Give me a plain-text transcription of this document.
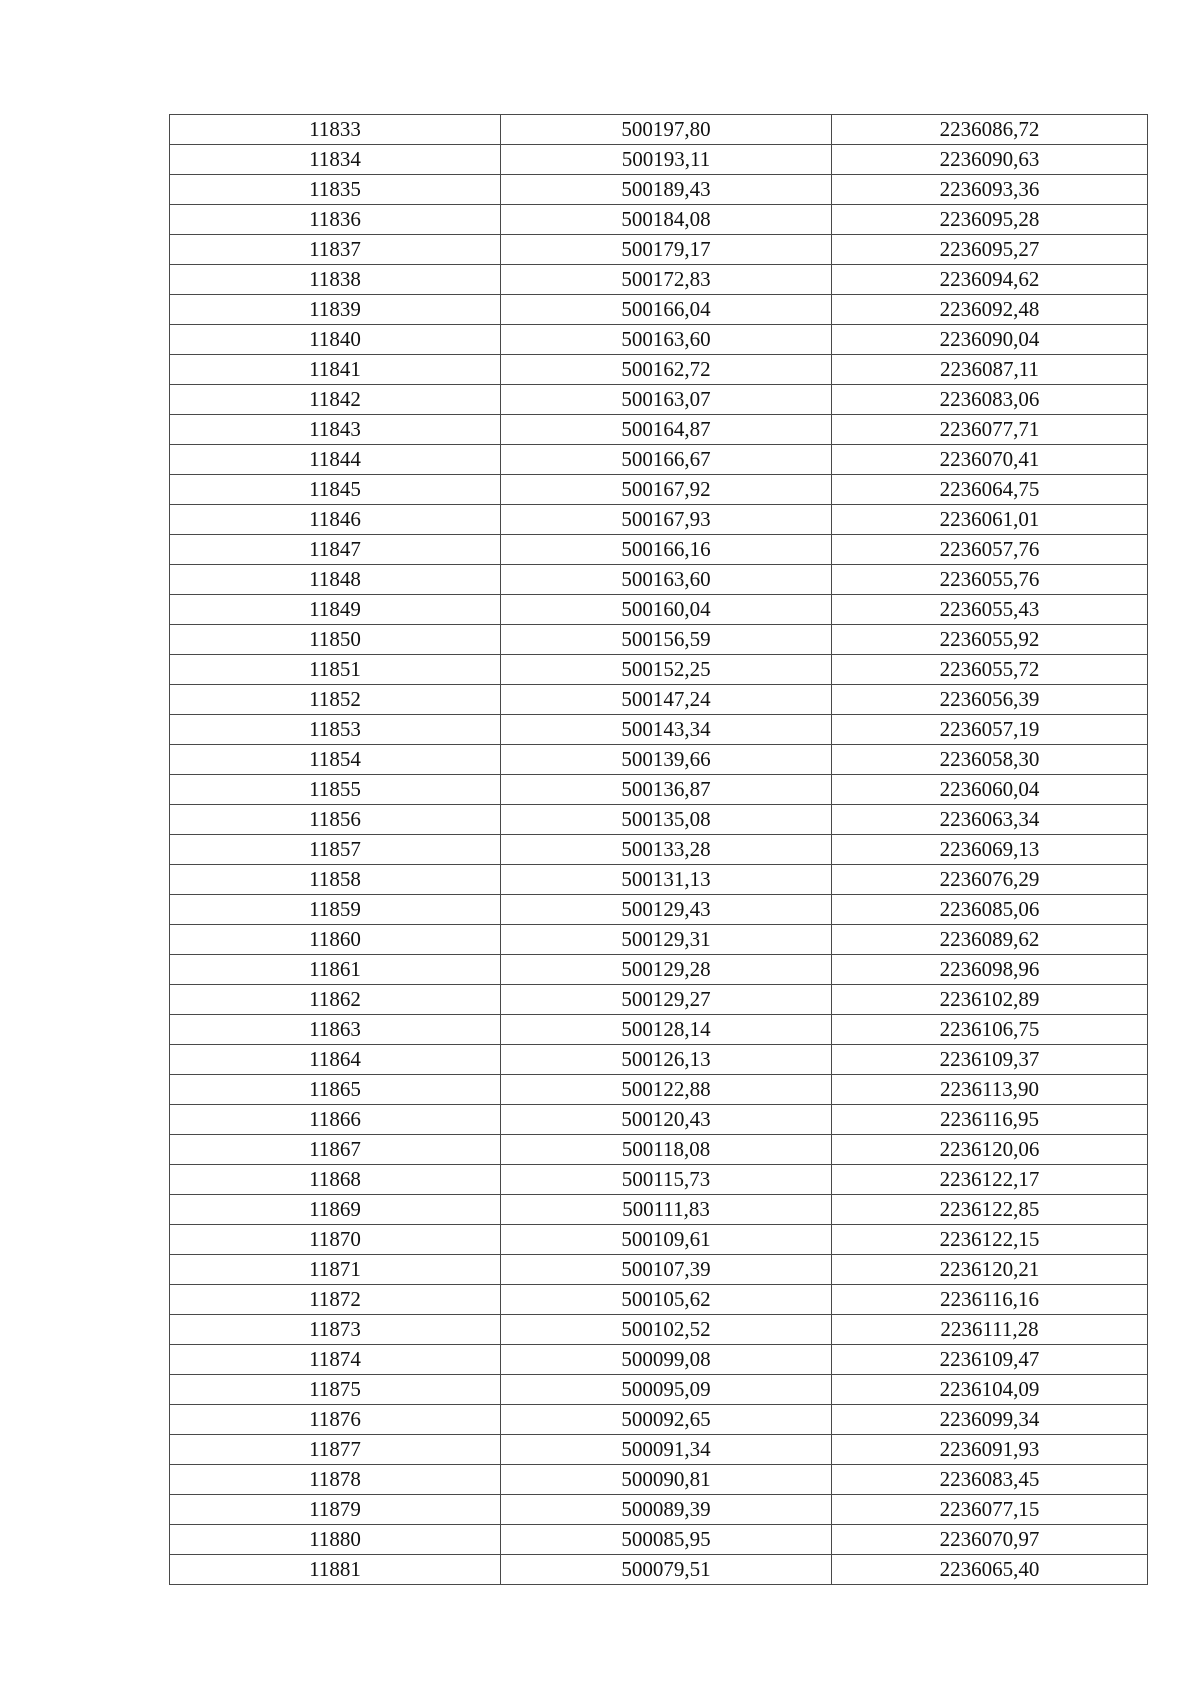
11833	500197,80	2236086,72
11834	500193,11	2236090,63
11835	500189,43	2236093,36
11836	500184,08	2236095,28
11837	500179,17	2236095,27
11838	500172,83	2236094,62
11839	500166,04	2236092,48
11840	500163,60	2236090,04
11841	500162,72	2236087,11
11842	500163,07	2236083,06
11843	500164,87	2236077,71
11844	500166,67	2236070,41
11845	500167,92	2236064,75
11846	500167,93	2236061,01
11847	500166,16	2236057,76
11848	500163,60	2236055,76
11849	500160,04	2236055,43
11850	500156,59	2236055,92
11851	500152,25	2236055,72
11852	500147,24	2236056,39
11853	500143,34	2236057,19
11854	500139,66	2236058,30
11855	500136,87	2236060,04
11856	500135,08	2236063,34
11857	500133,28	2236069,13
11858	500131,13	2236076,29
11859	500129,43	2236085,06
11860	500129,31	2236089,62
11861	500129,28	2236098,96
11862	500129,27	2236102,89
11863	500128,14	2236106,75
11864	500126,13	2236109,37
11865	500122,88	2236113,90
11866	500120,43	2236116,95
11867	500118,08	2236120,06
11868	500115,73	2236122,17
11869	500111,83	2236122,85
11870	500109,61	2236122,15
11871	500107,39	2236120,21
11872	500105,62	2236116,16
11873	500102,52	2236111,28
11874	500099,08	2236109,47
11875	500095,09	2236104,09
11876	500092,65	2236099,34
11877	500091,34	2236091,93
11878	500090,81	2236083,45
11879	500089,39	2236077,15
11880	500085,95	2236070,97
11881	500079,51	2236065,40
